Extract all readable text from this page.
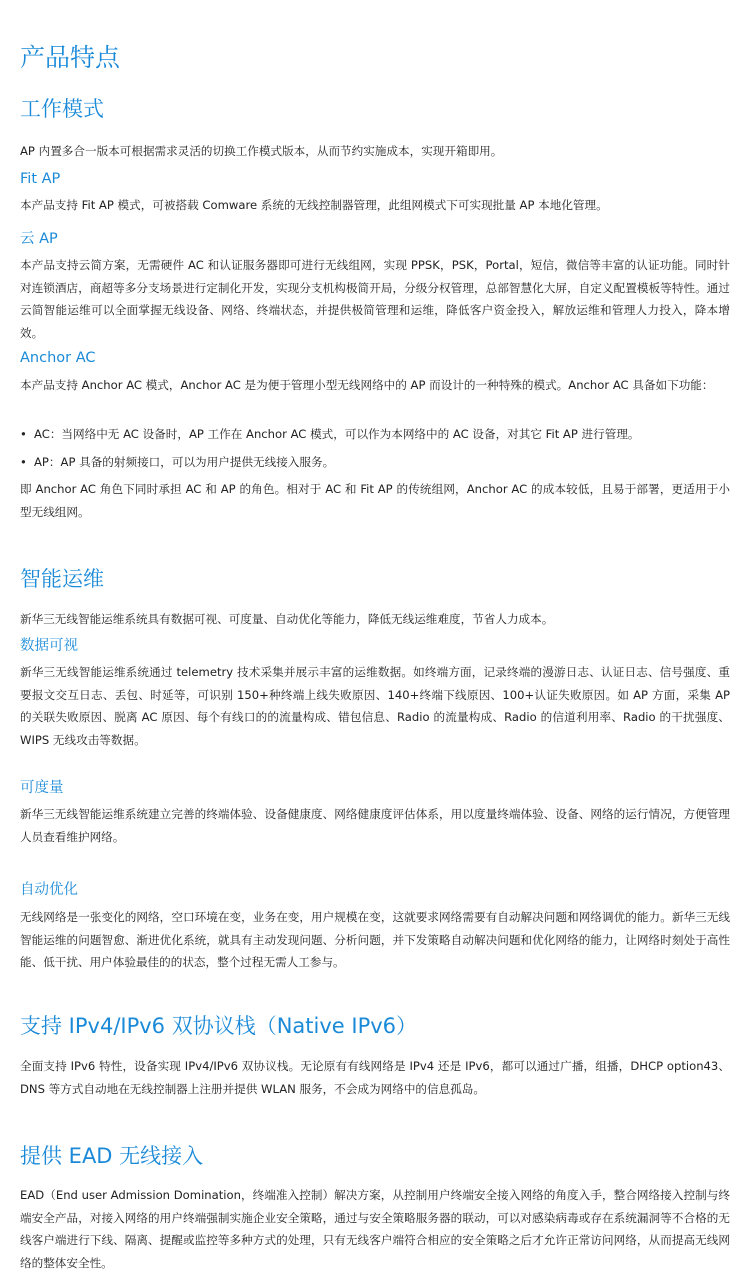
产品特点
工作模式

AP 内置多合一版本可根据需求灵活的切换工作模式版本，从而节约实施成本，实现开箱即用。

Fit AP

本产品支持 Fit AP 模式，可被搭载 Comware 系统的无线控制器管理，此组网模式下可实现批量 AP 本地化管理。

云 AP

本产品支持云简方案，无需硬件 AC 和认证服务器即可进行无线组网，实现 PPSK，PSK，Portal，短信，微信等丰富的认证功能。同时针对连锁酒店，商超等多分支场景进行定制化开发，实现分支机构极简开局，分级分权管理，总部智慧化大屏，自定义配置模板等特性。通过云简智能运维可以全面掌握无线设备、网络、终端状态，并提供极简管理和运维，降低客户资金投入，解放运维和管理人力投入，降本增效。

Anchor AC

本产品支持 Anchor AC 模式，Anchor AC 是为便于管理小型无线网络中的 AP 而设计的一种特殊的模式。Anchor AC 具备如下功能：

• AC：当网络中无 AC 设备时，AP 工作在 Anchor AC 模式，可以作为本网络中的 AC 设备，对其它 Fit AP 进行管理。
• AP：AP 具备的射频接口，可以为用户提供无线接入服务。

即 Anchor AC 角色下同时承担 AC 和 AP 的角色。相对于 AC 和 Fit AP 的传统组网，Anchor AC 的成本较低，且易于部署，更适用于小型无线组网。

智能运维

新华三无线智能运维系统具有数据可视、可度量、自动优化等能力，降低无线运维难度，节省人力成本。

数据可视

新华三无线智能运维系统通过 telemetry 技术采集并展示丰富的运维数据。如终端方面，记录终端的漫游日志、认证日志、信号强度、重要报文交互日志、丢包、时延等，可识别 150+种终端上线失败原因、140+终端下线原因、100+认证失败原因。如 AP 方面，采集 AP 的关联失败原因、脱离 AC 原因、每个有线口的的流量构成、错包信息、Radio 的流量构成、Radio 的信道利用率、Radio 的干扰强度、WIPS 无线攻击等数据。

可度量

新华三无线智能运维系统建立完善的终端体验、设备健康度、网络健康度评估体系，用以度量终端体验、设备、网络的运行情况，方便管理人员查看维护网络。

自动优化

无线网络是一张变化的网络，空口环境在变，业务在变，用户规模在变，这就要求网络需要有自动解决问题和网络调优的能力。新华三无线智能运维的问题智愈、渐进优化系统，就具有主动发现问题、分析问题，并下发策略自动解决问题和优化网络的能力，让网络时刻处于高性能、低干扰、用户体验最佳的的状态，整个过程无需人工参与。

支持 IPv4/IPv6 双协议栈（Native IPv6）

全面支持 IPv6 特性，设备实现 IPv4/IPv6 双协议栈。无论原有有线网络是 IPv4 还是 IPv6，都可以通过广播，组播，DHCP option43、DNS 等方式自动地在无线控制器上注册并提供 WLAN 服务，不会成为网络中的信息孤岛。

提供 EAD 无线接入

EAD（End user Admission Domination，终端准入控制）解决方案，从控制用户终端安全接入网络的角度入手，整合网络接入控制与终端安全产品，对接入网络的用户终端强制实施企业安全策略，通过与安全策略服务器的联动，可以对感染病毒或存在系统漏洞等不合格的无线客户端进行下线、隔离、提醒或监控等多种方式的处理，只有无线客户端符合相应的安全策略之后才允许正常访问网络，从而提高无线网络的整体安全性。
